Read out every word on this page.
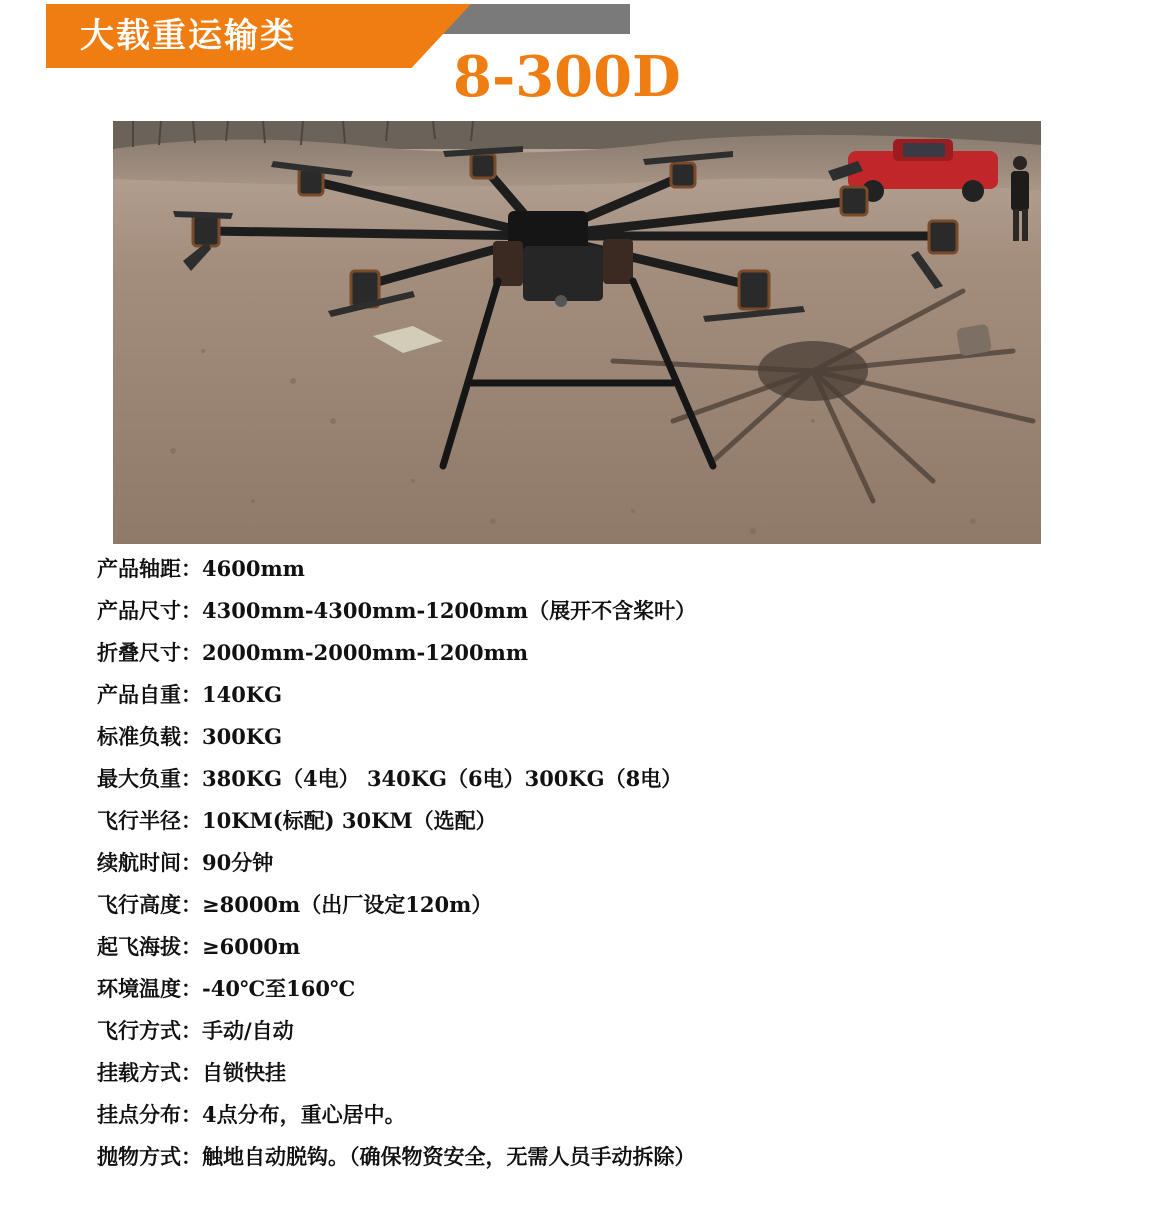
大载重运输类
8-300D
产品轴距：4600mm
产品尺寸：4300mm-4300mm-1200mm（展开不含桨叶）
折叠尺寸：2000mm-2000mm-1200mm
产品自重：140KG
标准负载：300KG
最大负重：380KG（4电） 340KG（6电）300KG（8电）
飞行半径：10KM(标配) 30KM（选配）
续航时间：90分钟
飞行高度：≥8000m（出厂设定120m）
起飞海拔：≥6000m
环境温度：-40℃至160℃
飞行方式：手动/自动
挂载方式：自锁快挂
挂点分布：4点分布，重心居中。
抛物方式：触地自动脱钩。（确保物资安全，无需人员手动拆除）
